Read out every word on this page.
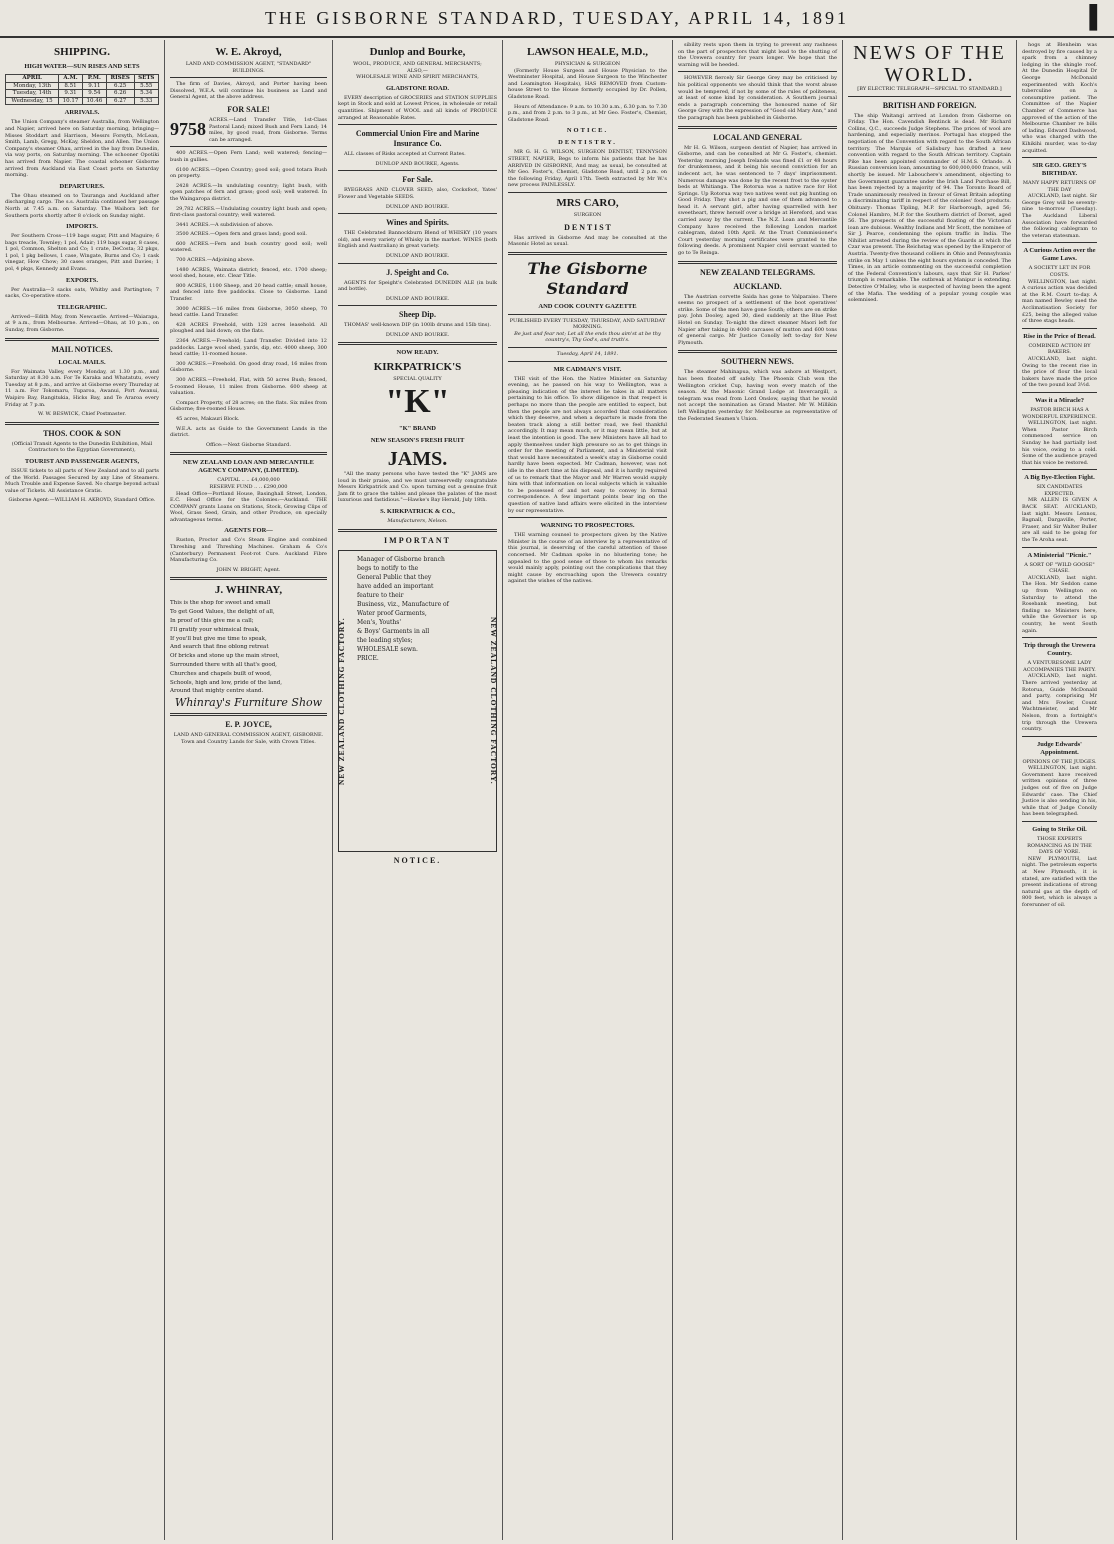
THE GISBORNE STANDARD, TUESDAY, APRIL 14, 1891	▌
SHIPPING.
HIGH WATER—SUN RISES AND SETS
APRIL	A.M.	P.M.	RISES	SETS
Monday, 13th	8.51	9.11	6.25	5.55
Tuesday, 14th	9.31	9.54	6.26	5.34
Wednesday, 15	10.17	10.46	6.27	5.33
ARRIVALS.

The Union Company's steamer Australia, from Wellington and Napier, arrived here on Saturday morning, bringing—Misses Stoddart and Harrison, Messrs Forsyth, McLean, Smith, Lamb, Gregg, McKay, Sheldon, and Allen. The Union Company's steamer Ohau, arrived in the bay from Dunedin, via way ports, on Saturday morning. The schooner Opotiki has arrived from Napier. The coastal schooner Gisborne arrived from Auckland via East Coast ports on Saturday morning.

DEPARTURES.

The Ohau steamed on to Tauranga and Auckland after discharging cargo. The s.s. Australia continued her passage North at 7.45 a.m. on Saturday. The Waihora left for Southern ports shortly after 8 o'clock on Sunday night.

IMPORTS.

Per Southern Cross—119 bags sugar, Pitt and Maguire; 6 bags treacle, Townley; 1 pol, Adair; 119 bags sugar, 8 cases, 1 pol, Common, Shelton and Co; 1 crate, DeCosta; 32 pkgs, 1 pol, 1 pkg bellows, 1 case, Wingate, Burns and Co; 1 cask vinegar, How Chow; 30 cases oranges, Pitt and Davies; 1 pol, 4 pkgs, Kennedy and Evans.

EXPORTS.

Per Australia—3 sacks oats, Whitby and Partington; 7 sacks, Co-operative store.

TELEGRAPHIC.

Arrived—Edith May, from Newcastle. Arrived—Waiarapa, at 9 a.m., from Melbourne. Arrived—Ohau, at 10 p.m., on Sunday, from Gisborne.

MAIL NOTICES.
LOCAL MAILS.

For Waimata Valley, every Monday, at 1.30 p.m., and Saturday at 8.30 a.m. For Te Karaka and Whatatutu, every Tuesday at 8 p.m., and arrive at Gisborne every Thursday at 11 a.m. For Tokomaru, Tuparoa, Awanui, Port Awanui, Waipiro Bay, Rangitukia, Hicks Bay, and Te Araroa every Friday at 7 p.m.

W. W. BESWICK, Chief Postmaster.
THOS. COOK & SON
(Official Transit Agents to the Dunedin Exhibition, Mail Contractors to the Egyptian Government),
TOURIST AND PASSENGER AGENTS,

ISSUE tickets to all parts of New Zealand and to all parts of the World. Passages Secured by any Line of Steamers. Much Trouble and Expense Saved. No charge beyond actual value of Tickets. All Assistance Gratis.

Gisborne Agent:—WILLIAM H. AKROYD, Standard Office.
W. E. Akroyd,
LAND AND COMMISSION AGENT, "STANDARD" BUILDINGS.

The firm of Davies, Akroyd, and Porter having been Dissolved, W.E.A. will continue his business as Land and General Agent, at the above address.

FOR SALE!
9758 ACRES.—Land Transfer Title, 1st-Class Pastoral Land; mixed Bush and Fern Land; 14 miles, by good road, from Gisborne. Terms can be arranged.

400 ACRES.—Open Fern Land; well watered; fencing—bush in gullies.

6100 ACRES.—Open Country; good soil; good totara Bush on property.

2428 ACRES.—In undulating country; light bush, with open patches of fern and grass; good soil; well watered. In the Waingaropa district.

29,782 ACRES.—Undulating country light bush and open; first-class pastoral country; well watered.

3441 ACRES.—A subdivision of above.

3500 ACRES.—Open fern and grass land; good soil.

600 ACRES.—Fern and bush country good soil; well watered.

700 ACRES.—Adjoining above.

1480 ACRES, Waimata district; fenced, etc. 1700 sheep; wool shed, house, etc. Clear Title.

800 ACRES, 1100 Sheep, and 20 head cattle; small house, and fenced into five paddocks. Close to Gisborne. Land Transfer.

3000 ACRES.—16 miles from Gisborne, 3050 sheep, 70 head cattle. Land Transfer.

428 ACRES Freehold, with 128 acres leasehold. All ploughed and laid down; on the flats.

2364 ACRES.—Freehold; Land Transfer. Divided into 12 paddocks. Large wool shed, yards, dip, etc. 4000 sheep, 300 head cattle; 11-roomed house.

300 ACRES.—Freehold. On good dray road, 16 miles from Gisborne.

300 ACRES.—Freehold, Flat, with 50 acres Bush; fenced, 5-roomed House, 11 miles from Gisborne. 600 sheep at valuation.

Compact Property, of 28 acres; on the flats. Six miles from Gisborne; five-roomed House.

45 acres, Makauri Block.

W.E.A. acts as Guide to the Government Lands in the district.

Office:—Next Gisborne Standard.
NEW ZEALAND LOAN AND MERCANTILE AGENCY COMPANY, (LIMITED).
CAPITAL .. .. £4,000,000
RESERVE FUND .. .. £290,000

Head Office—Portland House, Basinghall Street, London, E.C. Head Office for the Colonies:—Auckland. THE COMPANY grants Loans on Stations, Stock, Growing Clips of Wool, Grass Seed, Grain, and other Produce, on specially advantageous terms.

AGENTS FOR—

Ruston, Proctor and Co's Steam Engine and combined Threshing and Threshing Machines. Graham & Co's (Canterbury) Permanent Foot-rot Cure. Auckland Fibre Manufacturing Co.

JOHN W. BRIGHT, Agent.
J. WHINRAY,
This is the shop for sweet and small
To get Good Values, the delight of all,
In proof of this give me a call;
I'll gratify your whimsical freak,
If you'll but give me time to speak,
And search that fine oblong retreat
Of bricks and stone up the main street,
Surrounded there with all that's good,
Churches and chapels built of wood,
Schools, high and low, pride of the land,
Around that mighty centre stand.
Whinray's Furniture Show
E. P. JOYCE,
LAND AND GENERAL COMMISSION AGENT, GISBORNE.
Town and Country Lands for Sale, with Crown Titles.
Dunlop and Bourke,
WOOL, PRODUCE, AND GENERAL MERCHANTS;
ALSO,—
WHOLESALE WINE AND SPIRIT MERCHANTS,
GLADSTONE ROAD.

EVERY description of GROCERIES and STATION SUPPLIES kept in Stock and sold at Lowest Prices, in wholesale or retail quantities. Shipment of WOOL and all kinds of PRODUCE arranged at Reasonable Rates.

Commercial Union Fire and Marine Insurance Co.

ALL classes of Risks accepted at Current Rates.

DUNLOP AND BOURKE, Agents.
For Sale.

RYEGRASS AND CLOVER SEED; also, Cocksfoot, Yates' Flower and Vegetable SEEDS.

DUNLOP AND BOURKE.
Wines and Spirits.

THE Celebrated Bannockburn Blend of WHISKY (10 years old), and every variety of Whisky in the market. WINES (both English and Australian) in great variety.

DUNLOP AND BOURKE.
J. Speight and Co.

AGENTS for Speight's Celebrated DUNEDIN ALE (in bulk and bottle).

DUNLOP AND BOURKE.
Sheep Dip.

THOMAS' well-known DIP (in 100lb drums and 15lb tins).

DUNLOP AND BOURKE.
NOW READY.
KIRKPATRICK'S
SPECIAL QUALITY
"K"
"K" BRAND
NEW SEASON'S FRESH FRUIT
JAMS.

"All the many persons who have tested the "K" JAMS are loud in their praise, and we must unreservedly congratulate Messrs Kirkpatrick and Co. upon turning out a genuine fruit Jam fit to grace the tables and please the palates of the most luxurious and fastidious."—Hawke's Bay Herald, July 18th.

S. KIRKPATRICK & CO.,
Manufacturers, Nelson.
IMPORTANT
NEW ZEALAND CLOTHING FACTORY.
Manager of Gisborne branch
begs to notify to the
General Public that they
have added an important
feature to their
Business, viz., Manufacture of
Water proof Garments,
Men's, Youths'
& Boys' Garments in all
the leading styles;
WHOLESALE sewn.
PRICE.	NEW ZEALAND CLOTHING FACTORY.
NOTICE.
LAWSON HEALE, M.D.,
PHYSICIAN & SURGEON

(Formerly House Surgeon and House Physician to the Westminster Hospital, and House Surgeon to the Winchester and Leamington Hospitals), HAS REMOVED from Custom-house Street to the House formerly occupied by Dr. Pollen, Gladstone Road.

Hours of Attendance: 9 a.m. to 10.30 a.m., 6.30 p.m. to 7.30 p.m., and from 2 p.m. to 3 p.m., at Mr Geo. Foster's, Chemist, Gladstone Road.

NOTICE.
DENTISTRY.

MR G. H. G. WILSON, SURGEON DENTIST, TENNYSON STREET, NAPIER, Begs to inform his patients that he has ARRIVED IN GISBORNE, And may, as usual, be consulted at Mr Geo. Foster's, Chemist, Gladstone Road, until 2 p.m. on the following Friday, April 17th. Teeth extracted by Mr W.'s new process PAINLESSLY.

MRS CARO,
SURGEON
D E N T I S T

Has arrived in Gisborne And may be consulted at the Masonic Hotel as usual.

The Gisborne Standard
AND COOK COUNTY GAZETTE
PUBLISHED EVERY TUESDAY, THURSDAY, AND SATURDAY MORNING.
Be just and fear not; Let all the ends thou aim'st at be thy country's, Thy God's, and truth's.
Tuesday, April 14, 1891.
MR CADMAN'S VISIT.

THE visit of the Hon. the Native Minister on Saturday evening, as he passed on his way to Wellington, was a pleasing indication of the interest he takes in all matters pertaining to his office. To show diligence in that respect is perhaps no more than the people are entitled to expect, but then the people are not always accorded that consideration which they deserve, and when a departure is made from the beaten track along a still better road, we feel thankful accordingly. It may mean much, or it may mean little, but at least the intention is good. The new Ministers have all had to apply themselves under high pressure so as to get things in order for the meeting of Parliament, and a Ministerial visit that would have necessitated a week's stay in Gisborne could hardly have been expected. Mr Cadman, however, was not idle in the short time at his disposal, and it is hardly required of us to remark that the Mayor and Mr Warren would supply him with that information on local subjects which is valuable to be possessed of and not easy to convey in formal correspondence. A few important points bear ing on the question of native land affairs were elicited in the interview by our representative.

WARNING TO PROSPECTORS.

THE warning counsel to prospectors given by the Native Minister in the course of an interview by a representative of this journal, is deserving of the careful attention of those concerned. Mr Cadman spoke in no blustering tone; he appealed to the good sense of those to whom his remarks would mainly apply, pointing out the complications that they might cause by encroaching upon the Urewera country against the wishes of the natives.

sibility rests upon them in trying to prevent any rashness on the part of prospectors that might lead to the shutting of the Urewera country for years longer. We hope that the warning will be heeded.

HOWEVER fiercely Sir George Grey may be criticised by his political opponents we should think that the worst abuse would be tempered, if not by some of the rules of politeness, at least of some kind by consideration. A Southern journal ends a paragraph concerning the honoured name of Sir George Grey with the expression of "Good old Mary Ann," and the paragraph has been published in Gisborne.

LOCAL AND GENERAL

Mr H. G. Wilson, surgeon dentist of Napier, has arrived in Gisborne, and can be consulted at Mr G. Foster's, chemist. Yesterday morning Joseph Irelands was fined £1 or 48 hours for drunkenness, and it being his second conviction for an indecent act, he was sentenced to 7 days' imprisonment. Numerous damage was done by the recent frost to the oyster beds at Whitianga. The Rotorua was a native race for Hot Springs. Up Rotorua way two natives went out pig hunting on Good Friday. They shot a pig and one of them advanced to head it. A servant girl, after having quarrelled with her sweetheart, threw herself over a bridge at Hereford, and was carried away by the current. The N.Z. Loan and Mercantile Company have received the following London market cablegram, dated 10th April. At the Trust Commissioner's Court yesterday morning certificates were granted to the following deeds. A prominent Napier civil servant wanted to go to Te Reinga.

NEW ZEALAND TELEGRAMS.
AUCKLAND.

The Austrian corvette Saida has gone to Valparaiso. There seems no prospect of a settlement of the boot operatives' strike. Some of the men have gone South; others are on strike pay. John Dooley, aged 30, died suddenly at the Blue Post Hotel on Sunday. To-night the direct steamer Maori left for Napier after taking in 4000 carcases of mutton and 600 tons of general cargo. Mr Justice Conolly left to-day for New Plymouth.

SOUTHERN NEWS.

The steamer Mahinapua, which was ashore at Westport, has been floated off safely. The Phoenix Club won the Wellington cricket Cup, having won every match of the season. At the Masonic Grand Lodge at Invercargill, a telegram was read from Lord Onslow, saying that he would not accept the nomination as Grand Master. Mr W. Millikin left Wellington yesterday for Melbourne as representative of the Federated Seamen's Union.

NEWS OF THE WORLD.
[BY ELECTRIC TELEGRAPH—SPECIAL TO STANDARD.]
BRITISH AND FOREIGN.

The ship Waitangi arrived at London from Gisborne on Friday. The Hon. Cavendish Bentinck is dead. Mr Richard Collins, Q.C., succeeds Judge Stephens. The prices of wool are hardening, and especially merinos. Portugal has stopped the negotiation of the Convention with regard to the South African territory. The Marquis of Salisbury has drafted a new convention with regard to the South African territory. Captain Pike has been appointed commander of H.M.S. Orlando. A Russian conversion loan, amounting to 600,000,000 francs, will shortly be issued. Mr Labouchere's amendment, objecting to the Government guarantee under the Irish Land Purchase Bill, has been rejected by a majority of 94. The Toronto Board of Trade unanimously resolved in favour of Great Britain adopting a discriminating tariff in respect of the colonies' food products. Obituary: Thomas Tipling, M.P. for Harborough, aged 56; Colonel Hambro, M.P. for the Southern district of Dorset, aged 56. The prospects of the successful floating of the Victorian loan are dubious. Wealthy Indians and Mr Scott, the nominee of Sir J. Pearce, condemning the opium traffic in India. The Nihilist arrested during the review of the Guards at which the Czar was present. The Reichstag was opened by the Emperor of Austria. Twenty-five thousand colliers in Ohio and Pennsylvania strike on May 1 unless the eight hours system is conceded. The Times, in an article commenting on the successful completion of the Federal Convention's labours, says that Sir H. Parkes' triumph is remarkable. The outbreak at Manipur is extending. Detective O'Malley, who is suspected of having been the agent of the Mafia. The wedding of a popular young couple was solemnised.

hogs at Blenheim was destroyed by fire caused by a spark from a chimney lodging in the shingle roof. At the Dunedin Hospital Dr George McDonald experimented with Koch's tuberculine on a consumptive patient. The Committee of the Napier Chamber of Commerce has approved of the action of the Melbourne Chamber re bills of lading. Edward Dashwood, who was charged with the Kihikihi murder, was to-day acquitted.

SIR GEO. GREY'S BIRTHDAY.
MANY HAPPY RETURNS OF THE DAY

AUCKLAND, last night. Sir George Grey will be seventy-nine to-morrow (Tuesday). The Auckland Liberal Association have forwarded the following cablegram to the veteran statesman.

A Curious Action over the Game Laws.
A SOCIETY LET IN FOR COSTS.

WELLINGTON, last night. A curious action was decided at the R.M. Court to-day. A man named Bewley sued the Acclimatisation Society for £25, being the alleged value of three stags heads.

Rise in the Price of Bread.
COMBINED ACTION BY BAKERS.

AUCKLAND, last night. Owing to the recent rise in the price of flour the local bakers have made the price of the two pound loaf 3½d.

Was it a Miracle?
PASTOR BIRCH HAS A WONDERFUL EXPERIENCE.

WELLINGTON, last night. When Pastor Birch commenced service on Sunday he had partially lost his voice, owing to a cold. Some of the audience prayed that his voice be restored.

A Big Bye-Election Fight.
SIX CANDIDATES EXPECTED.

MR ALLEN IS GIVEN A BACK SEAT. AUCKLAND, last night. Messrs Lennox, Bagnall, Dargaville, Porter, Fraser, and Sir Walter Buller are all said to be going for the Te Aroha seat.

A Ministerial "Picnic."
A SORT OF "WILD GOOSE" CHASE.

AUCKLAND, last night. The Hon. Mr Seddon came up from Wellington on Saturday to attend the Rosebank meeting, but finding no Ministers here, while the Governor is up country, he went South again.

Trip through the Urewera Country.
A VENTURESOME LADY ACCOMPANIES THE PARTY.

AUCKLAND, last night. There arrived yesterday at Rotorua, Guide McDonald and party, comprising Mr and Mrs Fowler, Count Wachtmeister, and Mr Nelson, from a fortnight's trip through the Urewera country.

Judge Edwards' Appointment.
OPINIONS OF THE JUDGES.

WELLINGTON, last night. Government have received written opinions of three judges out of five on Judge Edwards' case. The Chief Justice is also sending in his, while that of Judge Conolly has been telegraphed.

Going to Strike Oil.
THOSE EXPERTS ROMANCING AS IN THE DAYS OF YORE.

NEW PLYMOUTH, last night. The petroleum experts at New Plymouth, it is stated, are satisfied with the present indications of strong natural gas at the depth of 800 feet, which is always a forerunner of oil.
